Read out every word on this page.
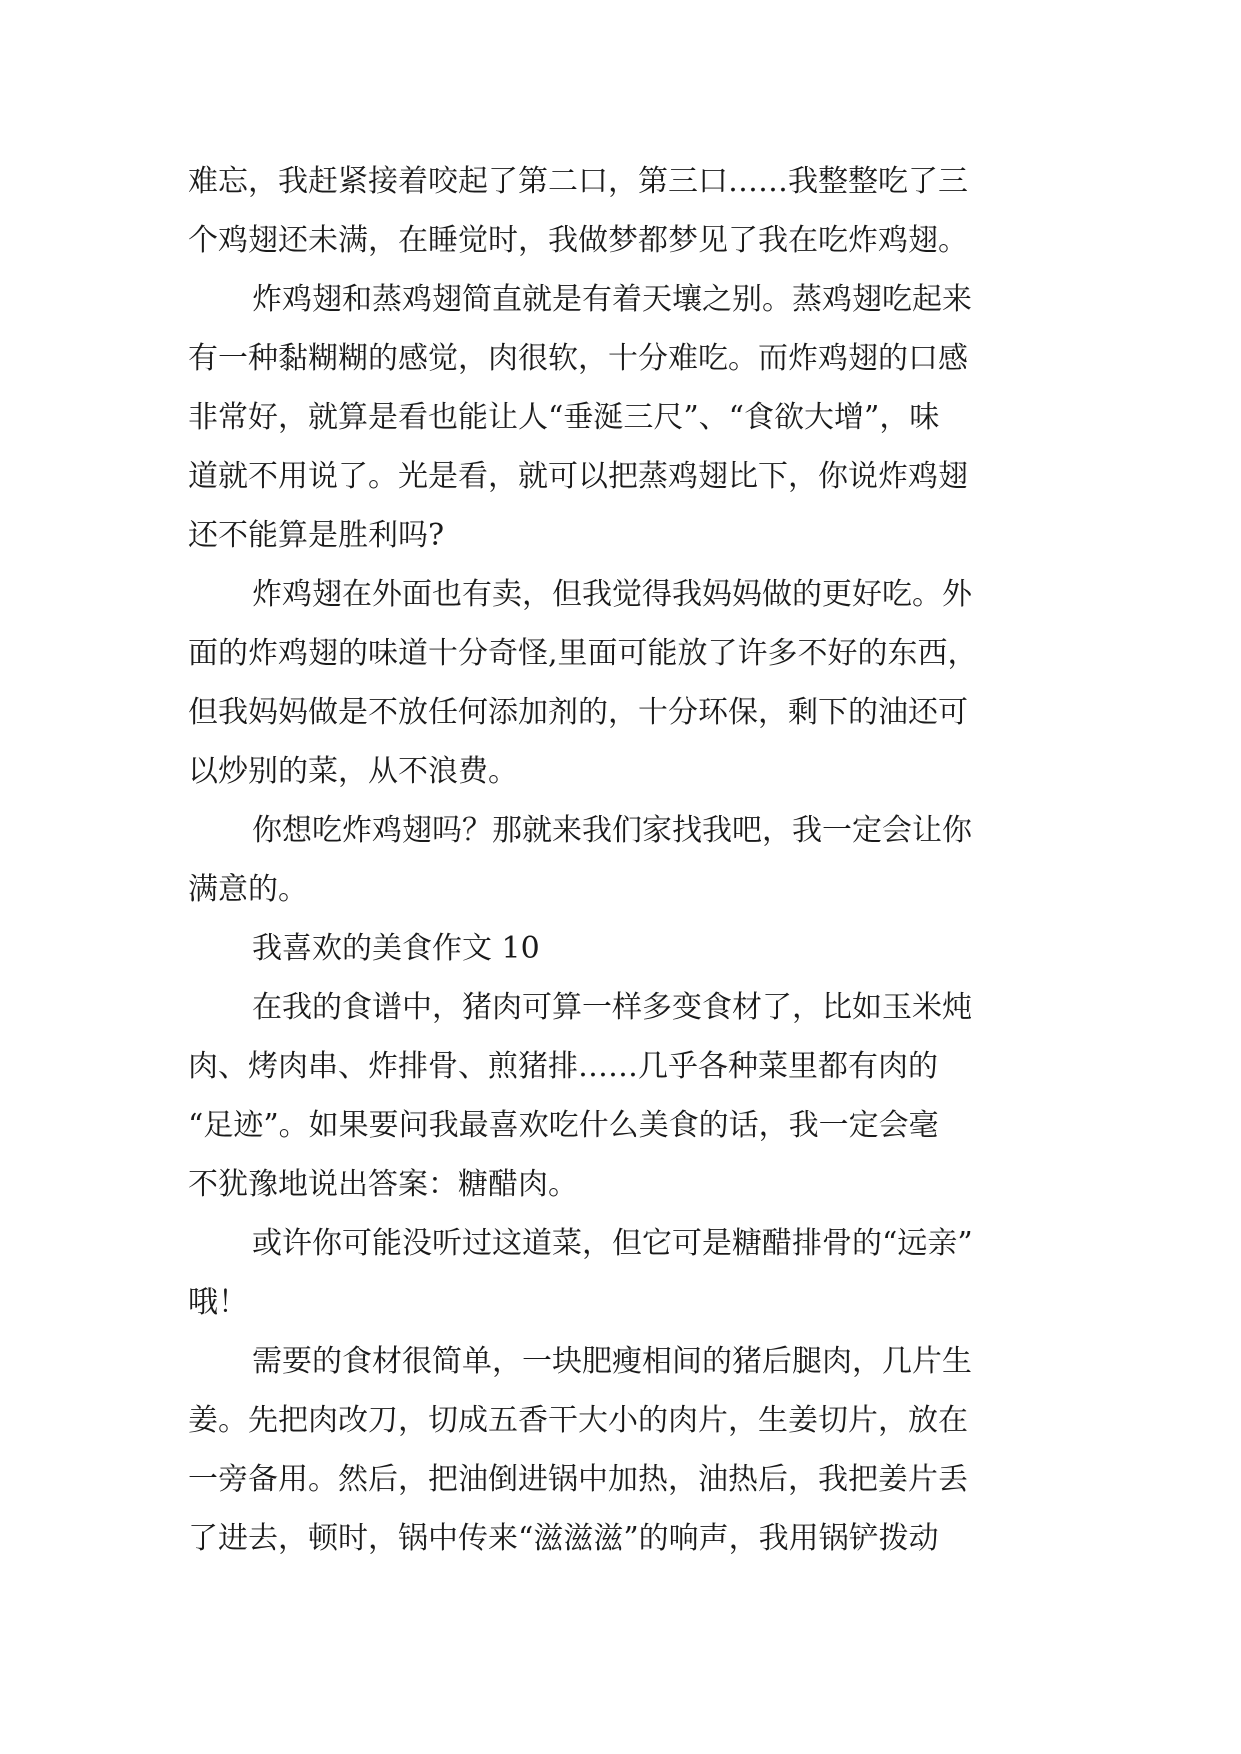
难忘，我赶紧接着咬起了第二口，第三口……我整整吃了三
个鸡翅还未满，在睡觉时，我做梦都梦见了我在吃炸鸡翅。
炸鸡翅和蒸鸡翅简直就是有着天壤之别。蒸鸡翅吃起来
有一种黏糊糊的感觉，肉很软，十分难吃。而炸鸡翅的口感
非常好，就算是看也能让人“垂涎三尺”、“食欲大增”，味
道就不用说了。光是看，就可以把蒸鸡翅比下，你说炸鸡翅
还不能算是胜利吗?
炸鸡翅在外面也有卖，但我觉得我妈妈做的更好吃。外
面的炸鸡翅的味道十分奇怪,里面可能放了许多不好的东西，
但我妈妈做是不放任何添加剂的，十分环保，剩下的油还可
以炒别的菜，从不浪费。
你想吃炸鸡翅吗？那就来我们家找我吧，我一定会让你
满意的。
我喜欢的美食作文 10
在我的食谱中，猪肉可算一样多变食材了，比如玉米炖
肉、烤肉串、炸排骨、煎猪排……几乎各种菜里都有肉的
“足迹”。如果要问我最喜欢吃什么美食的话，我一定会毫
不犹豫地说出答案：糖醋肉。
或许你可能没听过这道菜，但它可是糖醋排骨的“远亲”
哦！
需要的食材很简单，一块肥瘦相间的猪后腿肉，几片生
姜。先把肉改刀，切成五香干大小的肉片，生姜切片，放在
一旁备用。然后，把油倒进锅中加热，油热后，我把姜片丢
了进去，顿时，锅中传来“滋滋滋”的响声，我用锅铲拨动
